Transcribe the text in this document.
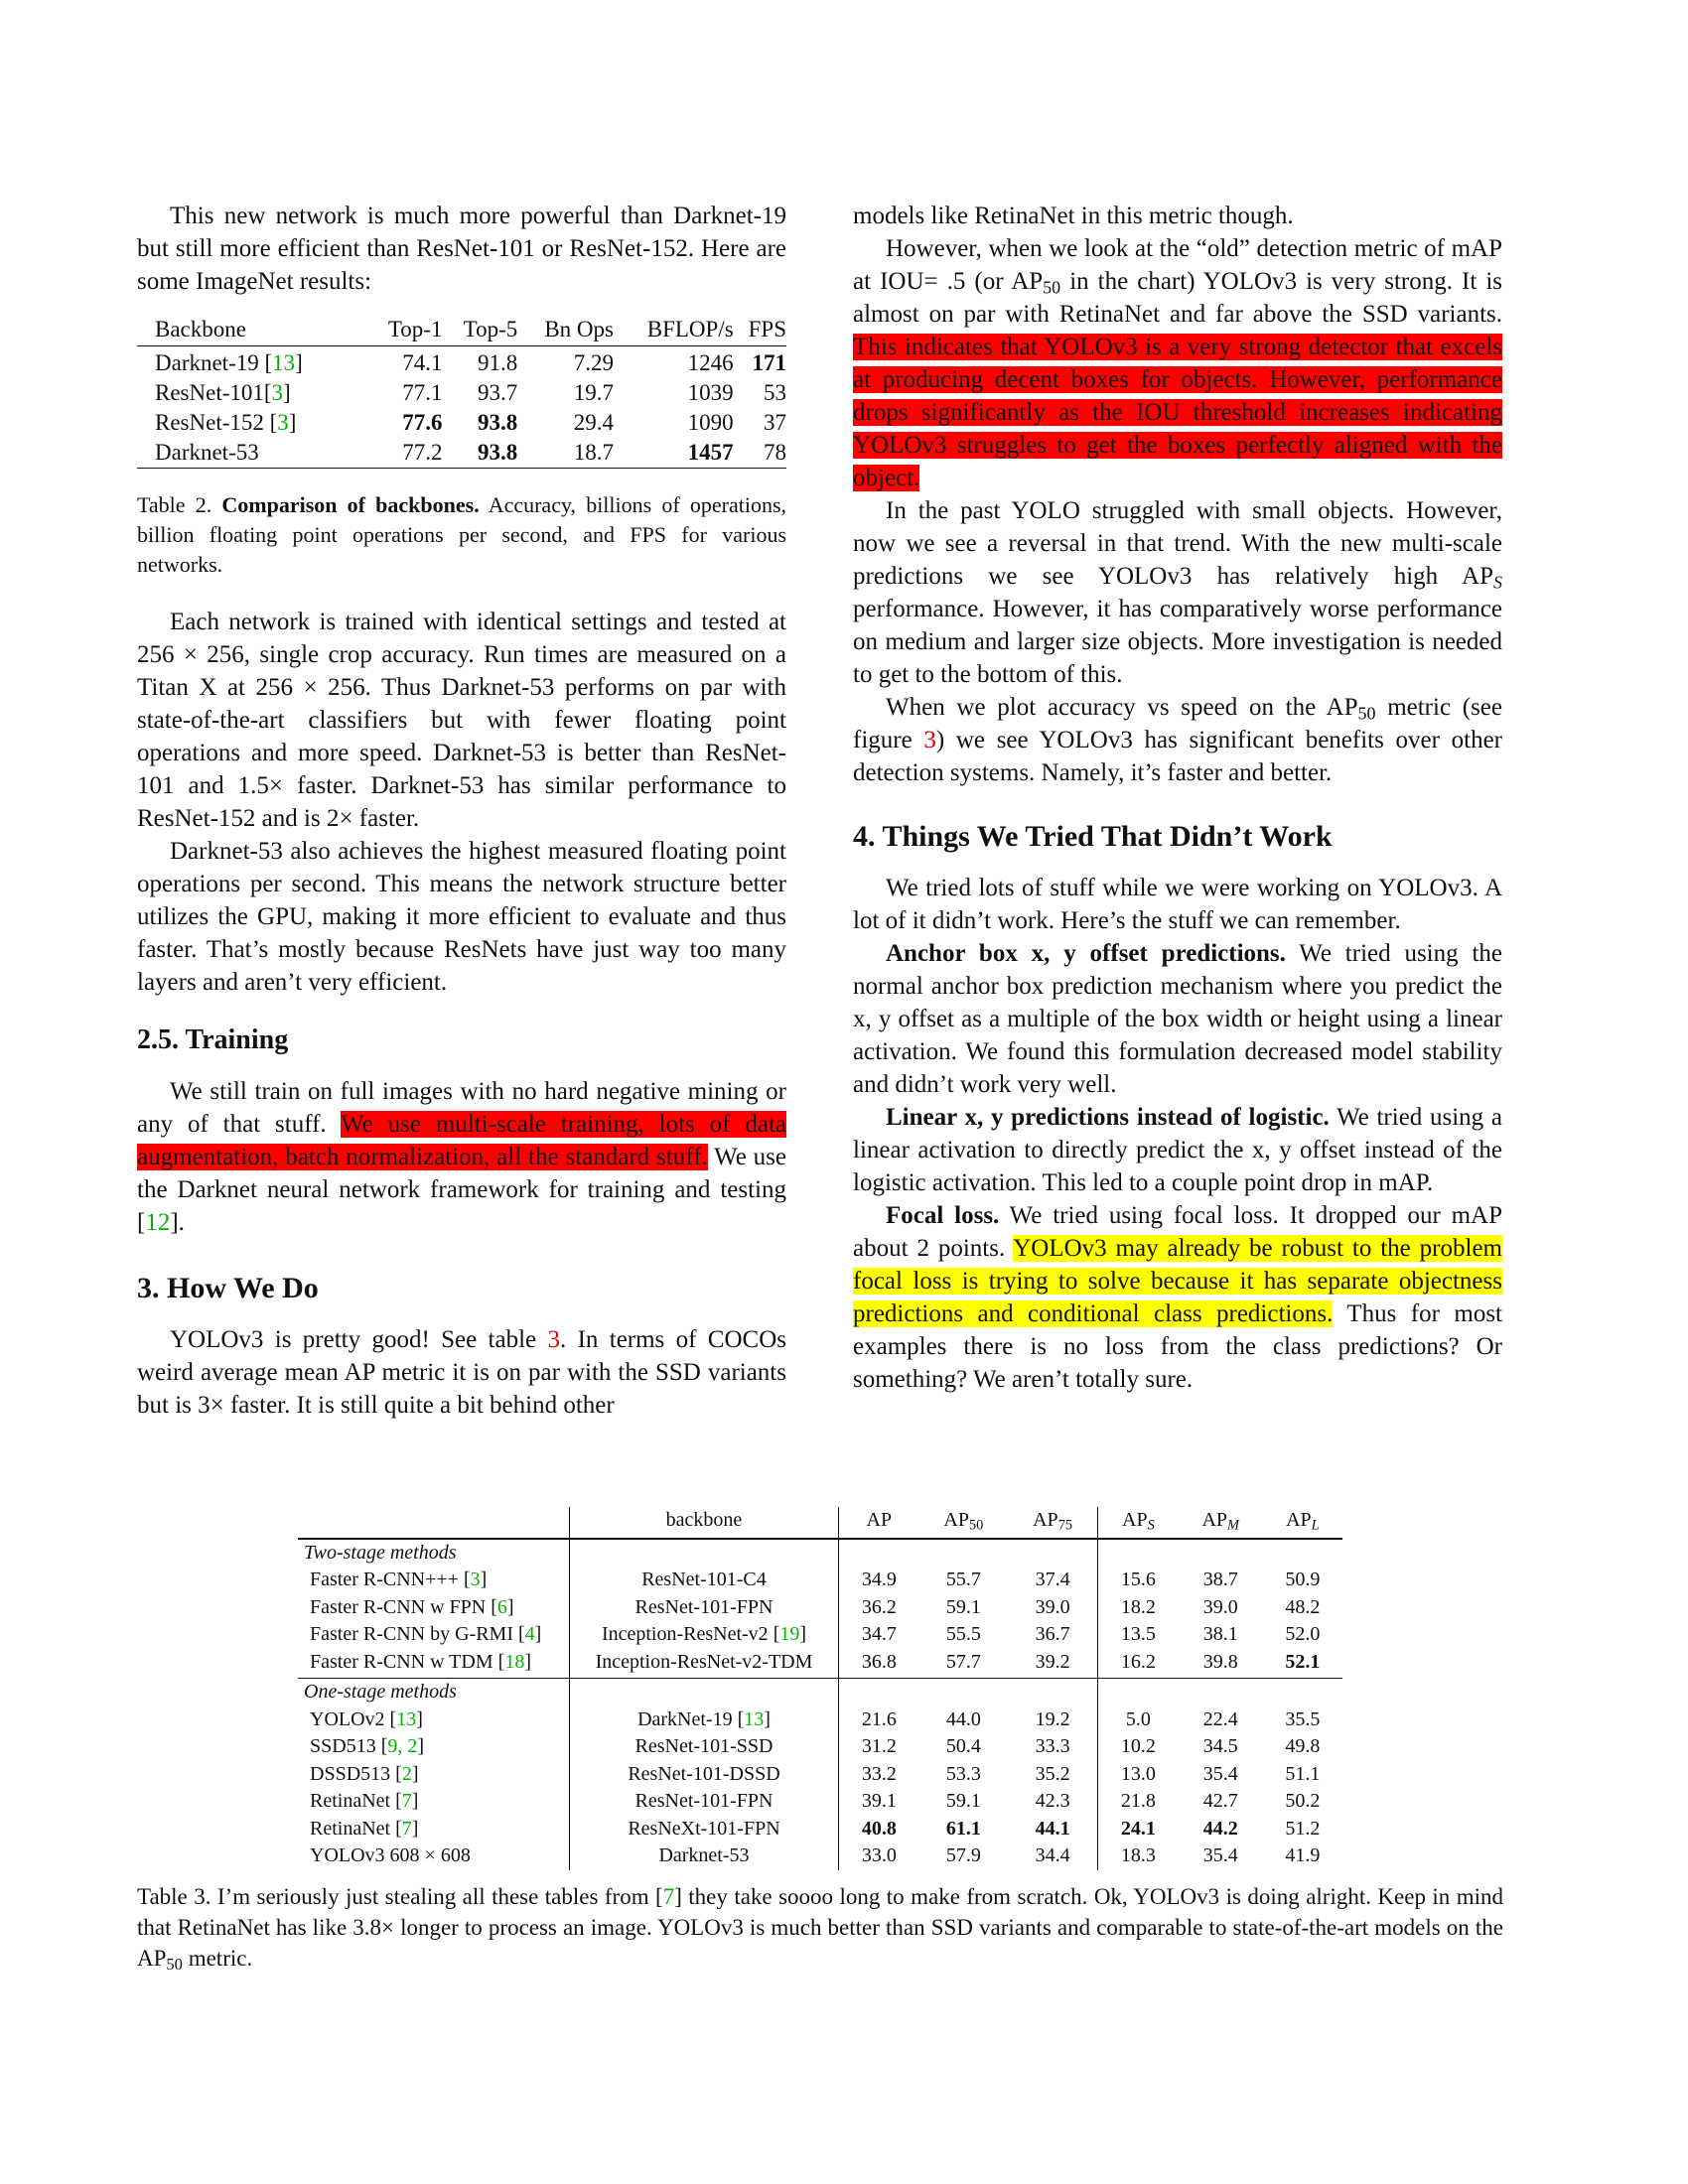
This new network is much more powerful than Darknet-19 but still more efficient than ResNet-101 or ResNet-152. Here are some ImageNet results:

Backbone	Top-1	Top-5	Bn Ops	BFLOP/s	FPS
Darknet-19 [13]	74.1	91.8	7.29	1246	171
ResNet-101[3]	77.1	93.7	19.7	1039	53
ResNet-152 [3]	77.6	93.8	29.4	1090	37
Darknet-53	77.2	93.8	18.7	1457	78

Table 2. Comparison of backbones. Accuracy, billions of operations, billion floating point operations per second, and FPS for various networks.

Each network is trained with identical settings and tested at 256 × 256, single crop accuracy. Run times are measured on a Titan X at 256 × 256. Thus Darknet-53 performs on par with state-of-the-art classifiers but with fewer floating point operations and more speed. Darknet-53 is better than ResNet-101 and 1.5× faster. Darknet-53 has similar performance to ResNet-152 and is 2× faster.

Darknet-53 also achieves the highest measured floating point operations per second. This means the network structure better utilizes the GPU, making it more efficient to evaluate and thus faster. That’s mostly because ResNets have just way too many layers and aren’t very efficient.

2.5. Training

We still train on full images with no hard negative mining or any of that stuff. We use multi-scale training, lots of data augmentation, batch normalization, all the standard stuff. We use the Darknet neural network framework for training and testing [12].

3. How We Do

YOLOv3 is pretty good! See table 3. In terms of COCOs weird average mean AP metric it is on par with the SSD variants but is 3× faster. It is still quite a bit behind other

models like RetinaNet in this metric though.

However, when we look at the “old” detection metric of mAP at IOU= .5 (or $AP_{50}$ in the chart) YOLOv3 is very strong. It is almost on par with RetinaNet and far above the SSD variants. This indicates that YOLOv3 is a very strong detector that excels at producing decent boxes for objects. However, performance drops significantly as the IOU threshold increases indicating YOLOv3 struggles to get the boxes perfectly aligned with the object.

In the past YOLO struggled with small objects. However, now we see a reversal in that trend. With the new multi-scale predictions we see YOLOv3 has relatively high $AP_S$ performance. However, it has comparatively worse performance on medium and larger size objects. More investigation is needed to get to the bottom of this.

When we plot accuracy vs speed on the $AP_{50}$ metric (see figure 3) we see YOLOv3 has significant benefits over other detection systems. Namely, it’s faster and better.

4. Things We Tried That Didn’t Work

We tried lots of stuff while we were working on YOLOv3. A lot of it didn’t work. Here’s the stuff we can remember.

Anchor box x, y offset predictions. We tried using the normal anchor box prediction mechanism where you predict the x, y offset as a multiple of the box width or height using a linear activation. We found this formulation decreased model stability and didn’t work very well.

Linear x, y predictions instead of logistic. We tried using a linear activation to directly predict the x, y offset instead of the logistic activation. This led to a couple point drop in mAP.

Focal loss. We tried using focal loss. It dropped our mAP about 2 points. YOLOv3 may already be robust to the problem focal loss is trying to solve because it has separate objectness predictions and conditional class predictions. Thus for most examples there is no loss from the class predictions? Or something? We aren’t totally sure.

	backbone	AP	$AP_{50}$	$AP_{75}$	$AP_S$	$AP_M$	$AP_L$
Two-stage methods							
Faster R-CNN+++ [3]	ResNet-101-C4	34.9	55.7	37.4	15.6	38.7	50.9
Faster R-CNN w FPN [6]	ResNet-101-FPN	36.2	59.1	39.0	18.2	39.0	48.2
Faster R-CNN by G-RMI [4]	Inception-ResNet-v2 [19]	34.7	55.5	36.7	13.5	38.1	52.0
Faster R-CNN w TDM [18]	Inception-ResNet-v2-TDM	36.8	57.7	39.2	16.2	39.8	52.1
One-stage methods							
YOLOv2 [13]	DarkNet-19 [13]	21.6	44.0	19.2	5.0	22.4	35.5
SSD513 [9, 2]	ResNet-101-SSD	31.2	50.4	33.3	10.2	34.5	49.8
DSSD513 [2]	ResNet-101-DSSD	33.2	53.3	35.2	13.0	35.4	51.1
RetinaNet [7]	ResNet-101-FPN	39.1	59.1	42.3	21.8	42.7	50.2
RetinaNet [7]	ResNeXt-101-FPN	40.8	61.1	44.1	24.1	44.2	51.2
YOLOv3 608 × 608	Darknet-53	33.0	57.9	34.4	18.3	35.4	41.9

Table 3. I’m seriously just stealing all these tables from [7] they take soooo long to make from scratch. Ok, YOLOv3 is doing alright. Keep in mind that RetinaNet has like 3.8× longer to process an image. YOLOv3 is much better than SSD variants and comparable to state-of-the-art models on the $AP_{50}$ metric.
